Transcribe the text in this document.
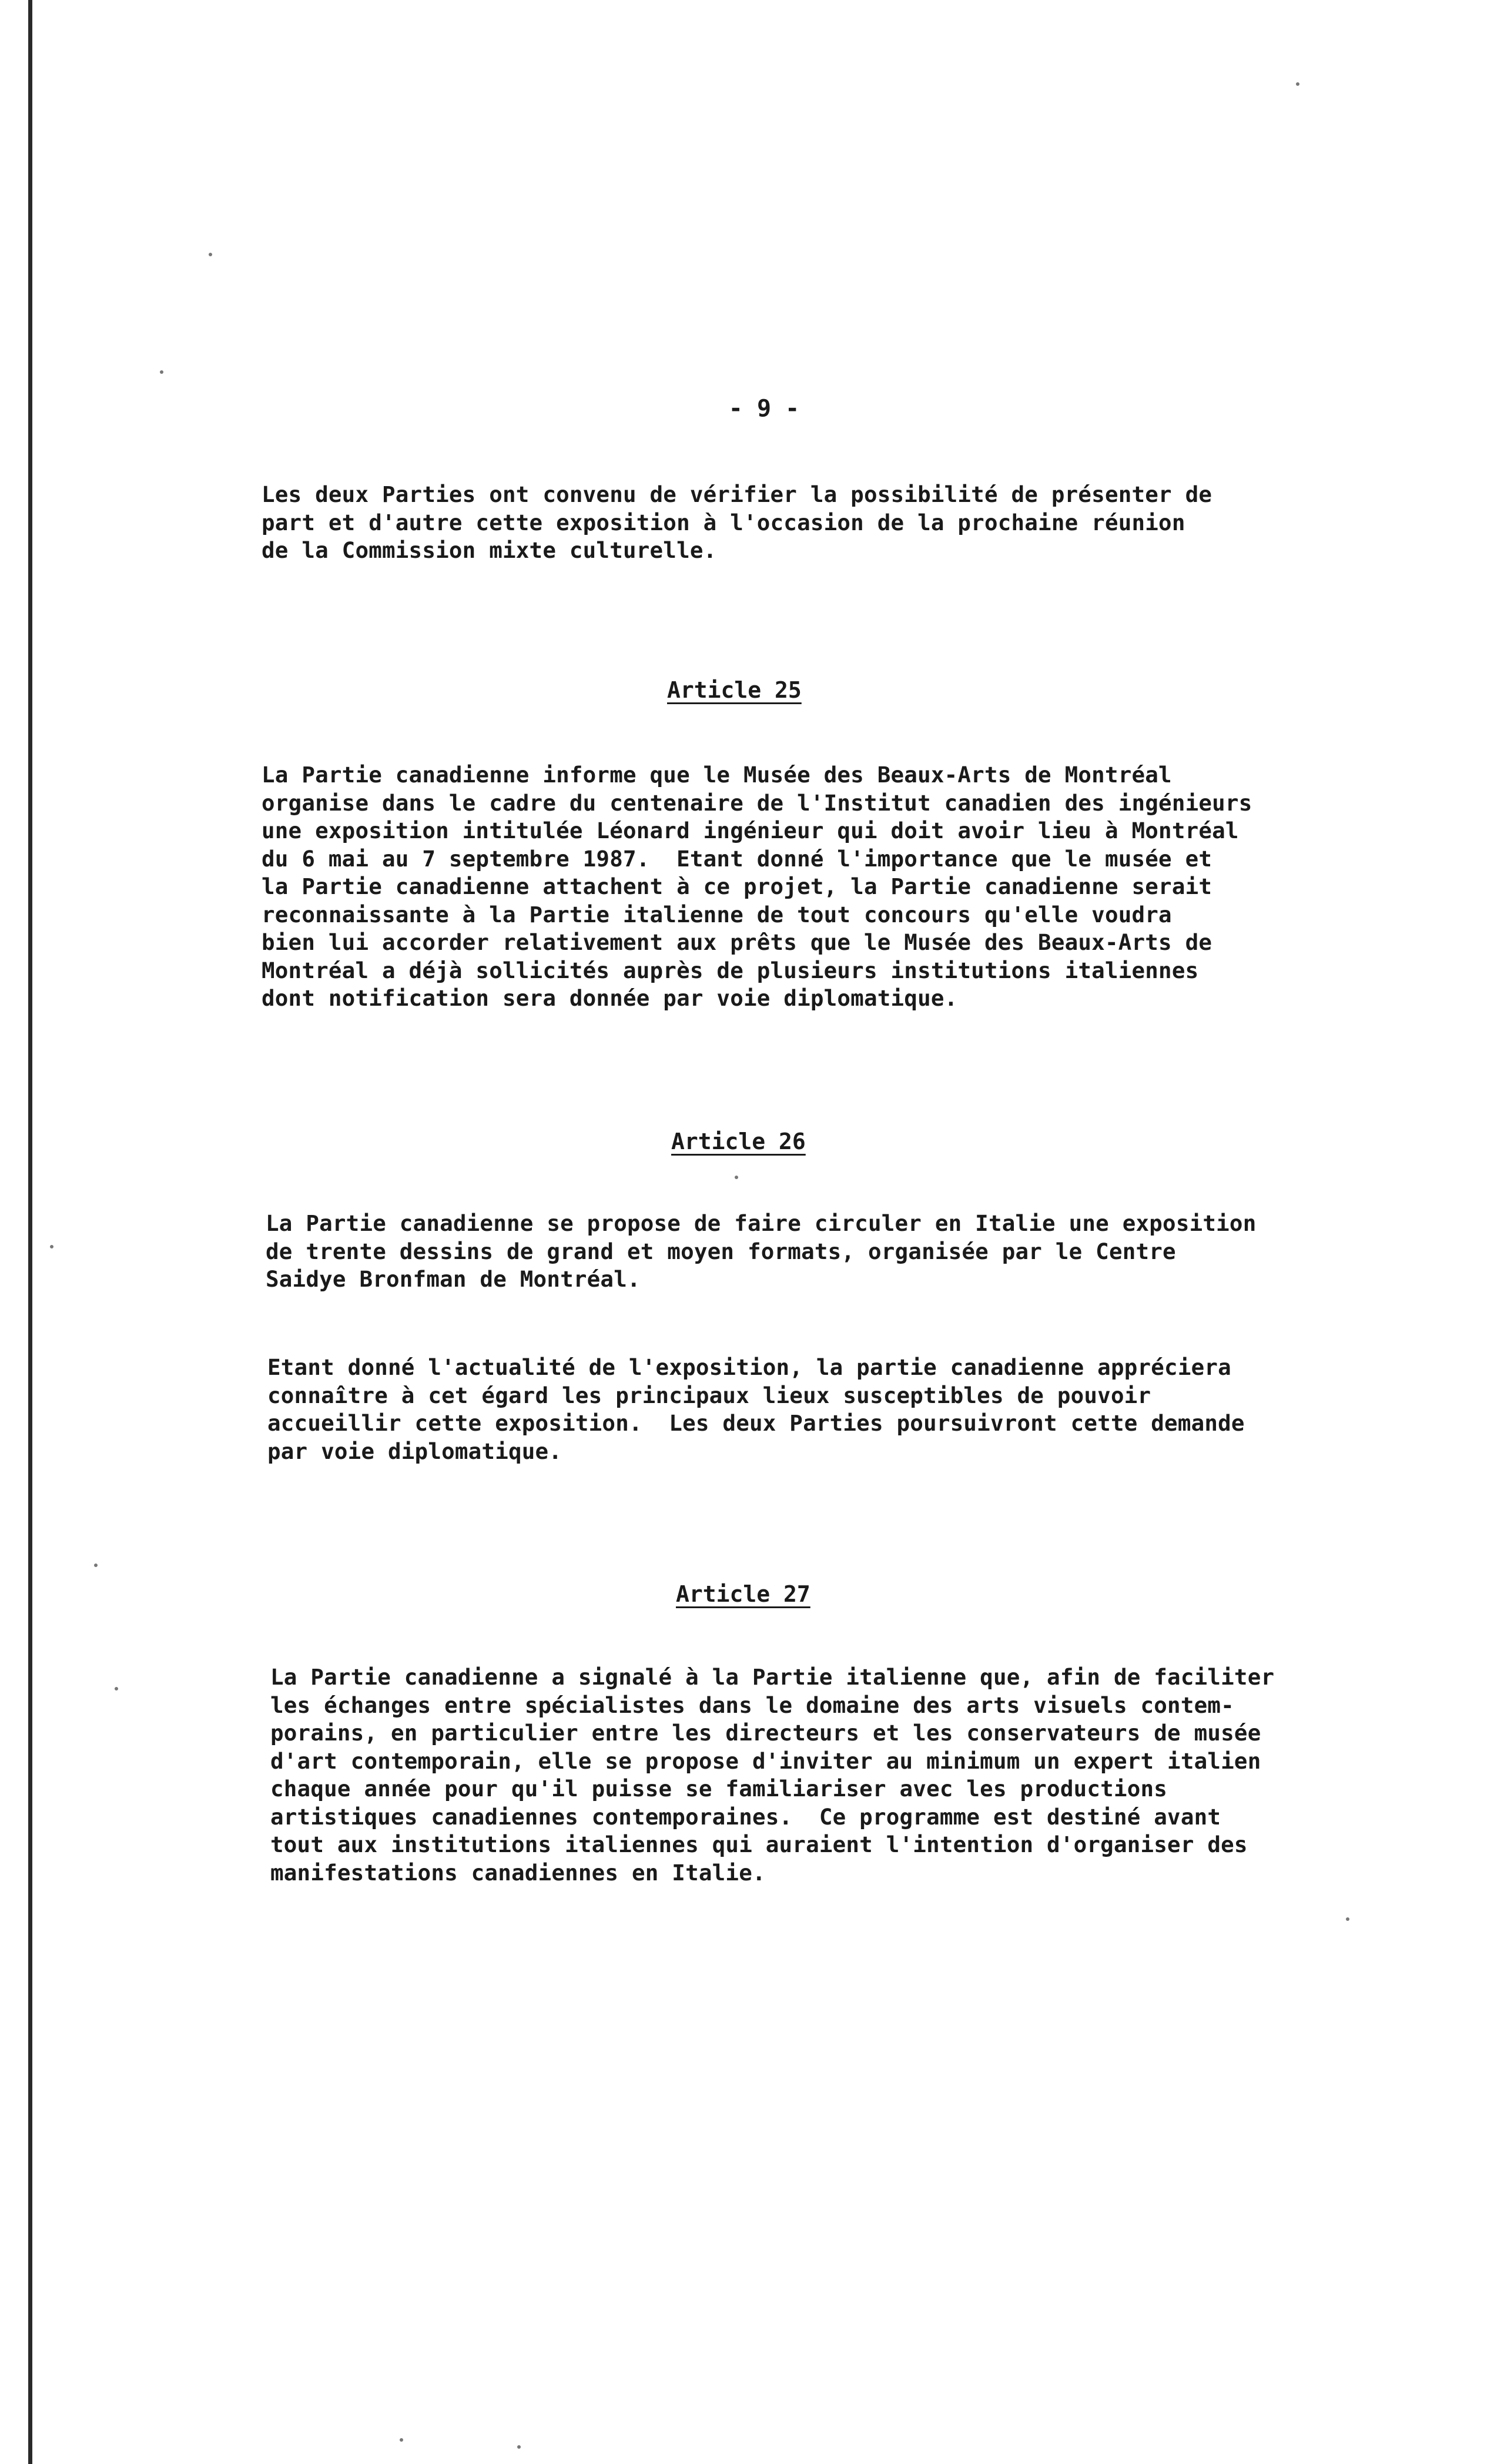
- 9 -
Les deux Parties ont convenu de vérifier la possibilité de présenter de
part et d'autre cette exposition à l'occasion de la prochaine réunion
de la Commission mixte culturelle.
Article 25
La Partie canadienne informe que le Musée des Beaux-Arts de Montréal
organise dans le cadre du centenaire de l'Institut canadien des ingénieurs
une exposition intitulée Léonard ingénieur qui doit avoir lieu à Montréal
du 6 mai au 7 septembre 1987.  Etant donné l'importance que le musée et
la Partie canadienne attachent à ce projet, la Partie canadienne serait
reconnaissante à la Partie italienne de tout concours qu'elle voudra
bien lui accorder relativement aux prêts que le Musée des Beaux-Arts de
Montréal a déjà sollicités auprès de plusieurs institutions italiennes
dont notification sera donnée par voie diplomatique.
Article 26
La Partie canadienne se propose de faire circuler en Italie une exposition
de trente dessins de grand et moyen formats, organisée par le Centre
Saidye Bronfman de Montréal.
Etant donné l'actualité de l'exposition, la partie canadienne appréciera
connaître à cet égard les principaux lieux susceptibles de pouvoir
accueillir cette exposition.  Les deux Parties poursuivront cette demande
par voie diplomatique.
Article 27
La Partie canadienne a signalé à la Partie italienne que, afin de faciliter
les échanges entre spécialistes dans le domaine des arts visuels contem-
porains, en particulier entre les directeurs et les conservateurs de musée
d'art contemporain, elle se propose d'inviter au minimum un expert italien
chaque année pour qu'il puisse se familiariser avec les productions
artistiques canadiennes contemporaines.  Ce programme est destiné avant
tout aux institutions italiennes qui auraient l'intention d'organiser des
manifestations canadiennes en Italie.
